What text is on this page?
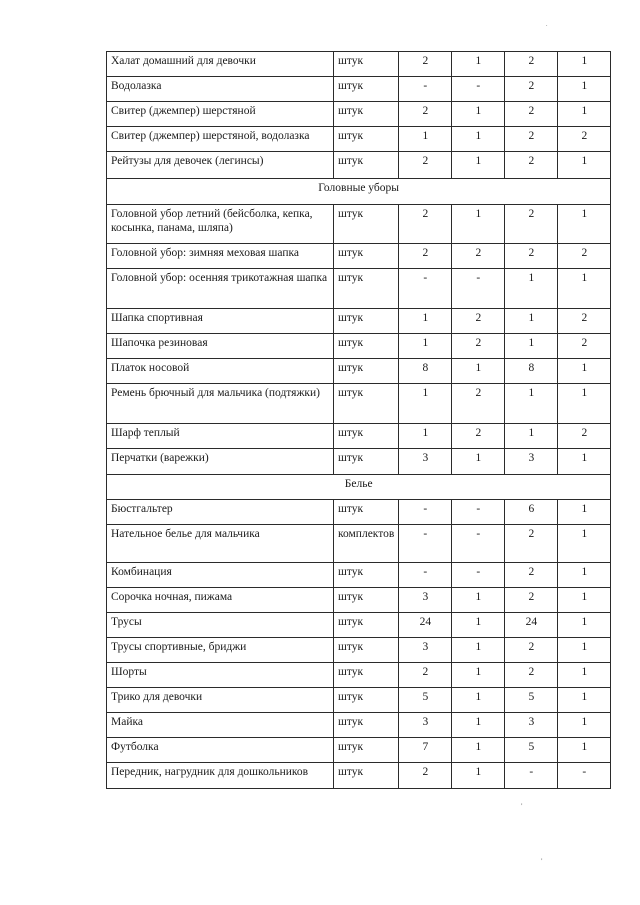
Халат домашний для девочки	штук	2	1	2	1
Водолазка	штук	-	-	2	1
Свитер (джемпер) шерстяной	штук	2	1	2	1
Свитер (джемпер) шерстяной, водолазка	штук	1	1	2	2
Рейтузы для девочек (легинсы)	штук	2	1	2	1
Головные уборы					
Головной убор летний (бейсболка, кепка, косынка, панама, шляпа)	штук	2	1	2	1
Головной убор: зимняя меховая шапка	штук	2	2	2	2
Головной убор: осенняя трикотажная шапка	штук	-	-	1	1
Шапка спортивная	штук	1	2	1	2
Шапочка резиновая	штук	1	2	1	2
Платок носовой	штук	8	1	8	1
Ремень брючный для мальчика (подтяжки)	штук	1	2	1	1
Шарф теплый	штук	1	2	1	2
Перчатки (варежки)	штук	3	1	3	1
Белье					
Бюстгальтер	штук	-	-	6	1
Нательное белье для мальчика	комплектов	-	-	2	1
Комбинация	штук	-	-	2	1
Сорочка ночная, пижама	штук	3	1	2	1
Трусы	штук	24	1	24	1
Трусы спортивные, бриджи	штук	3	1	2	1
Шорты	штук	2	1	2	1
Трико для девочки	штук	5	1	5	1
Майка	штук	3	1	3	1
Футболка	штук	7	1	5	1
Передник, нагрудник для дошкольников	штук	2	1	-	-
.
,
,
